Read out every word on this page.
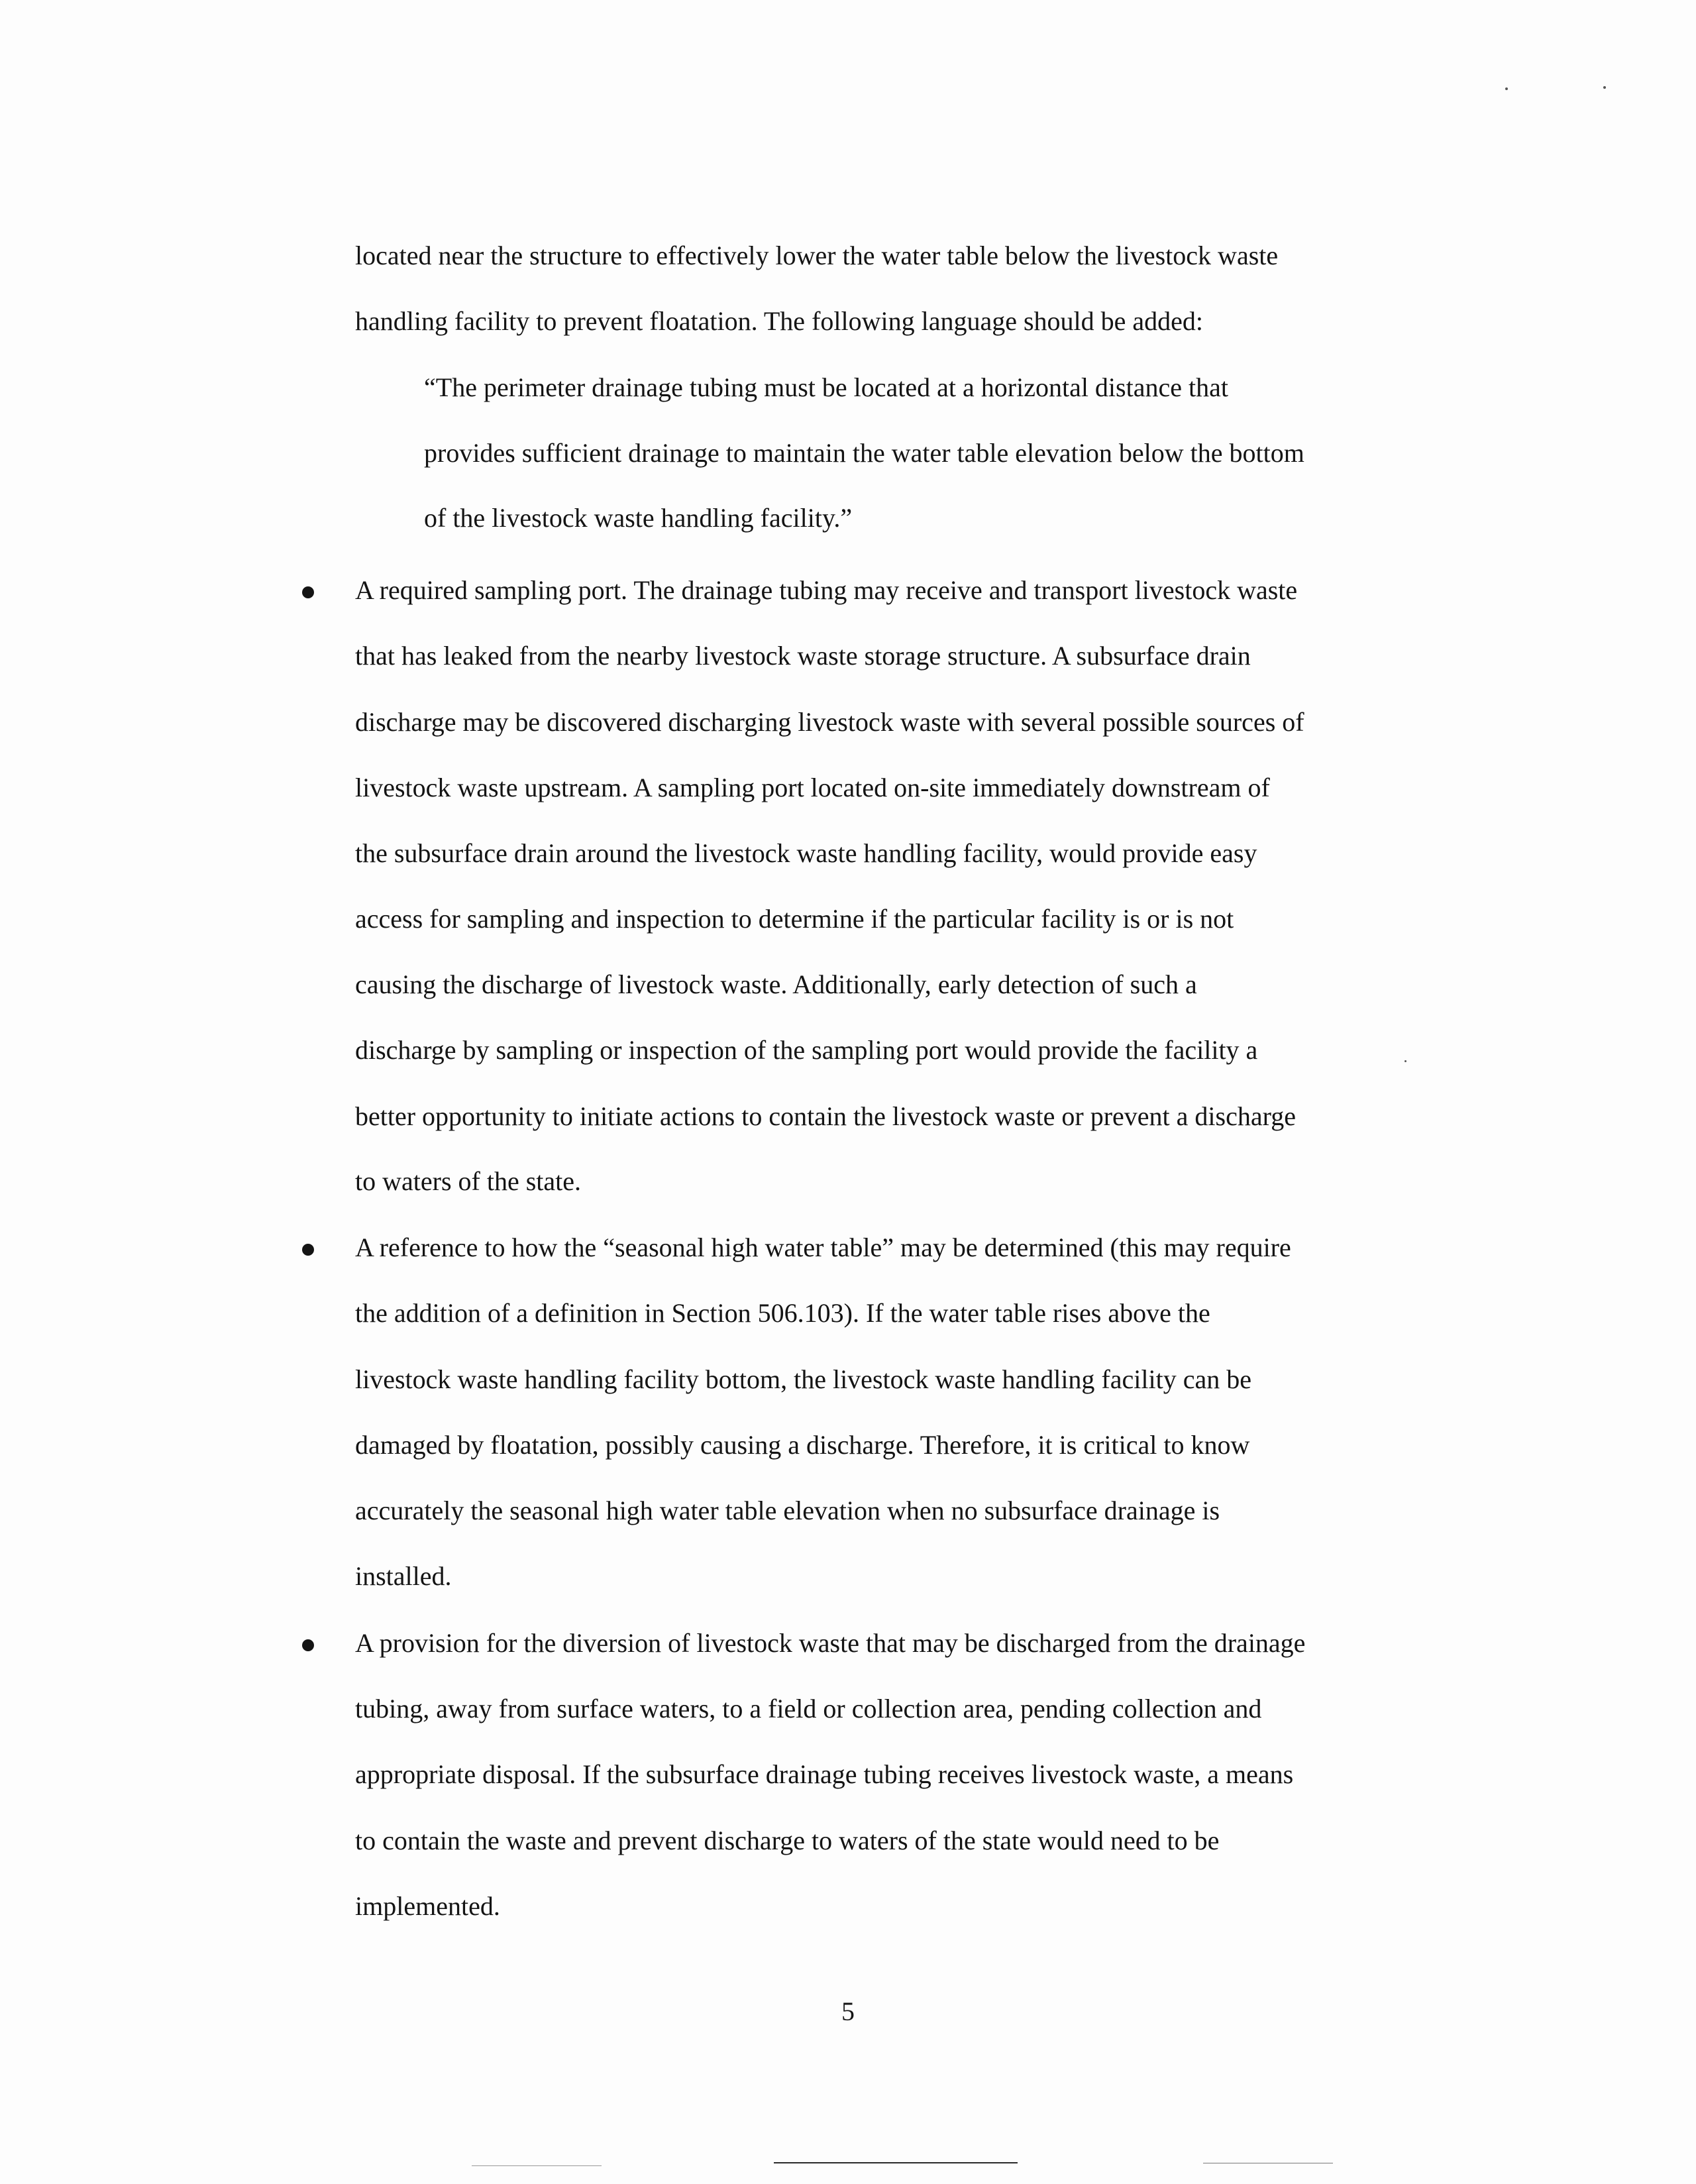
located near the structure to effectively lower the water table below the livestock waste
handling facility to prevent floatation. The following language should be added:
“The perimeter drainage tubing must be located at a horizontal distance that
provides sufficient drainage to maintain the water table elevation below the bottom
of the livestock waste handling facility.”
A required sampling port. The drainage tubing may receive and transport livestock waste
that has leaked from the nearby livestock waste storage structure. A subsurface drain
discharge may be discovered discharging livestock waste with several possible sources of
livestock waste upstream. A sampling port located on-site immediately downstream of
the subsurface drain around the livestock waste handling facility, would provide easy
access for sampling and inspection to determine if the particular facility is or is not
causing the discharge of livestock waste. Additionally, early detection of such a
discharge by sampling or inspection of the sampling port would provide the facility a
better opportunity to initiate actions to contain the livestock waste or prevent a discharge
to waters of the state.
A reference to how the “seasonal high water table” may be determined (this may require
the addition of a definition in Section 506.103). If the water table rises above the
livestock waste handling facility bottom, the livestock waste handling facility can be
damaged by floatation, possibly causing a discharge. Therefore, it is critical to know
accurately the seasonal high water table elevation when no subsurface drainage is
installed.
A provision for the diversion of livestock waste that may be discharged from the drainage
tubing, away from surface waters, to a field or collection area, pending collection and
appropriate disposal. If the subsurface drainage tubing receives livestock waste, a means
to contain the waste and prevent discharge to waters of the state would need to be
implemented.
5
